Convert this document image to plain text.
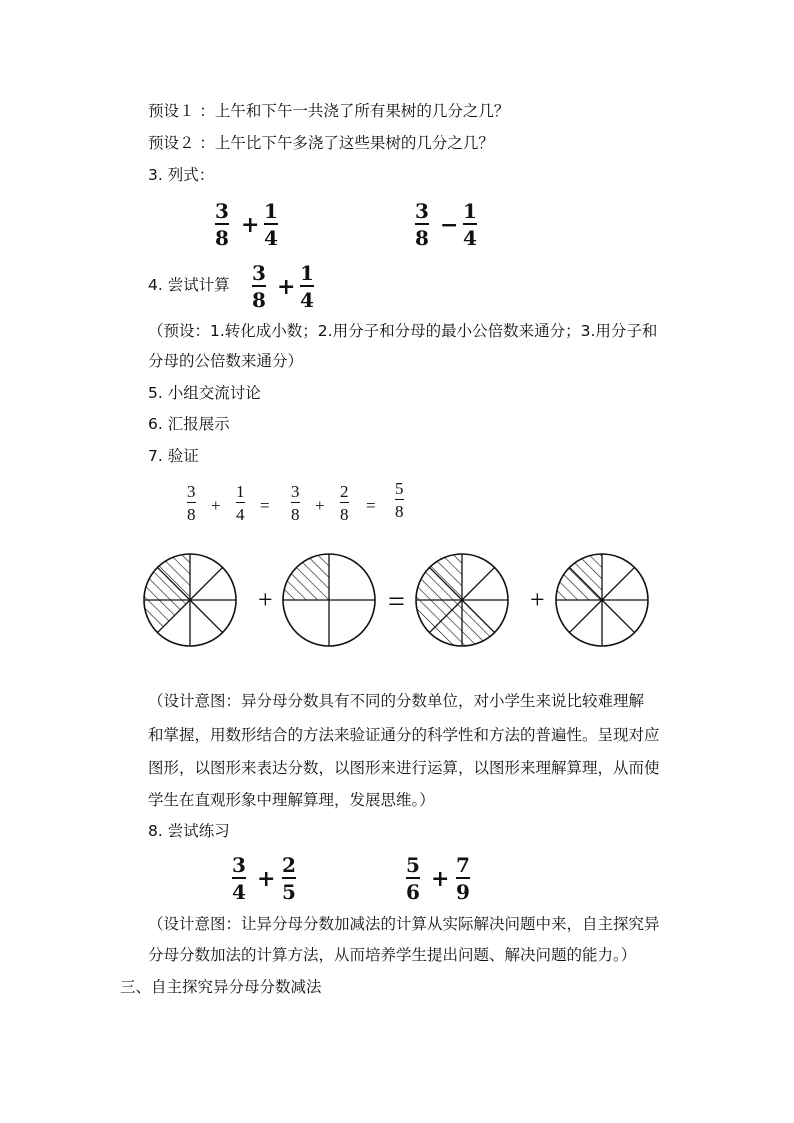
预设１ ：上午和下午一共浇了所有果树的几分之几？
预设２ ：上午比下午多浇了这些果树的几分之几？
3. 列式：
3
8 +
1
4
3
8 −
1
4
4. 尝试计算 3
8 +
1
4
（预设：1.转化成小数；2.用分子和分母的最小公倍数来通分；3.用分子和
分母的公倍数来通分）
5. 小组交流讨论
6. 汇报展示
7. 验证
3
8 +
1
4 =
3
8 +
2
8 =
5
8
+	=	+
（设计意图：异分母分数具有不同的分数单位，对小学生来说比较难理解
和掌握，用数形结合的方法来验证通分的科学性和方法的普遍性。呈现对应
图形，以图形来表达分数，以图形来进行运算，以图形来理解算理，从而使
学生在直观形象中理解算理，发展思维。）
8. 尝试练习
3
4 +
2
5
5
6 +
7
9
（设计意图：让异分母分数加减法的计算从实际解决问题中来，自主探究异
分母分数加法的计算方法，从而培养学生提出问题、解决问题的能力。）
三、自主探究异分母分数减法
